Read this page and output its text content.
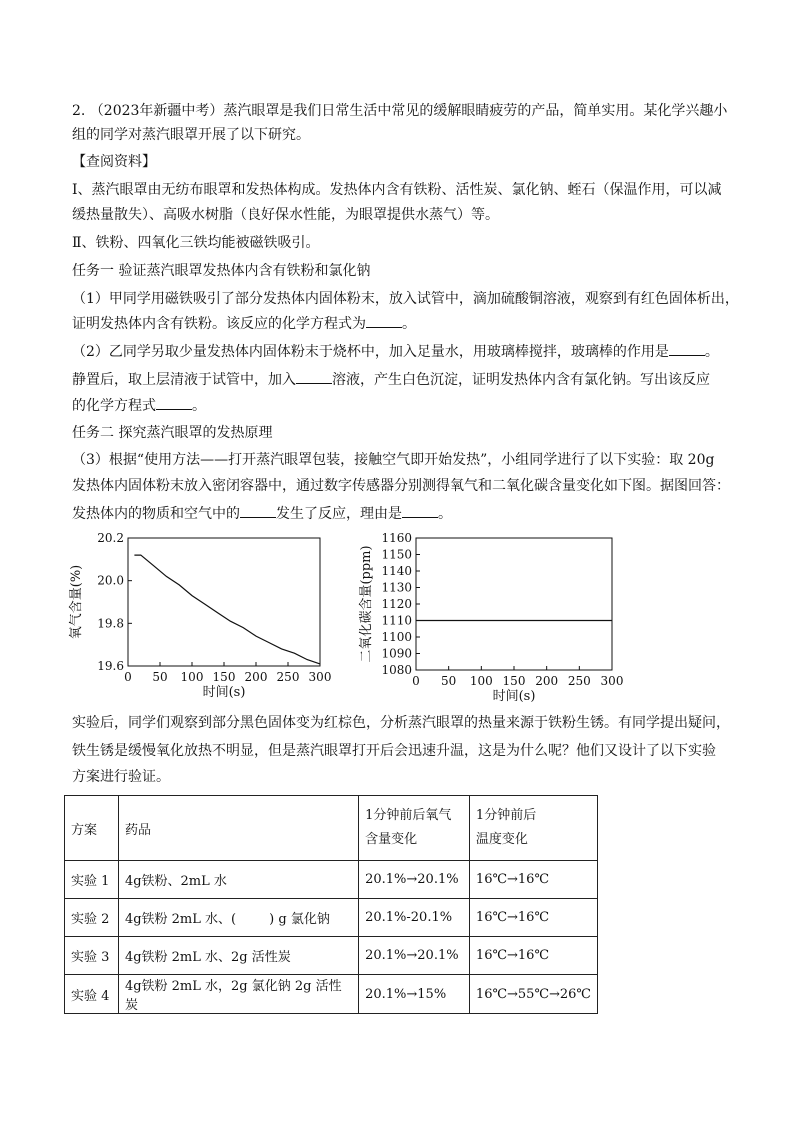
2. （2023年新疆中考）蒸汽眼罩是我们日常生活中常见的缓解眼睛疲劳的产品，简单实用。某化学兴趣小
组的同学对蒸汽眼罩开展了以下研究。
【查阅资料】
I、蒸汽眼罩由无纺布眼罩和发热体构成。发热体内含有铁粉、活性炭、氯化钠、蛭石（保温作用，可以减
缓热量散失）、高吸水树脂（良好保水性能，为眼罩提供水蒸气）等。
Ⅱ、铁粉、四氧化三铁均能被磁铁吸引。
任务一 验证蒸汽眼罩发热体内含有铁粉和氯化钠
（1）甲同学用磁铁吸引了部分发热体内固体粉末，放入试管中，滴加硫酸铜溶液，观察到有红色固体析出，
证明发热体内含有铁粉。该反应的化学方程式为	。
（2）乙同学另取少量发热体内固体粉末于烧杯中，加入足量水，用玻璃棒搅拌，玻璃棒的作用是	。
静置后，取上层清液于试管中，加入	溶液，产生白色沉淀，证明发热体内含有氯化钠。写出该反应
的化学方程式	。
任务二 探究蒸汽眼罩的发热原理
（3）根据“使用方法——打开蒸汽眼罩包装，接触空气即开始发热”，小组同学进行了以下实验：取 20g
发热体内固体粉末放入密闭容器中，通过数字传感器分别测得氧气和二氧化碳含量变化如下图。据图回答：
发热体内的物质和空气中的	发生了反应，理由是	。
0 50 100 150 200 250 300
19.6
19.8
20.0
20.2
时间(s)
氧气含量(%)
0 50 100 150 200 250 300
1080
1090
1100
1110
1120
1130
1140
1150
1160
时间(s)
二氧化碳含量(ppm)
实验后，同学们观察到部分黑色固体变为红棕色，分析蒸汽眼罩的热量来源于铁粉生锈。有同学提出疑问，
铁生锈是缓慢氧化放热不明显，但是蒸汽眼罩打开后会迅速升温，这是为什么呢？他们又设计了以下实验
方案进行验证。
方案	药品	1分钟前后氧气
含量变化	1分钟前后
温度变化
实验 1	4g铁粉、2mL 水	20.1%→20.1%	16℃→16℃
实验 2	4g铁粉 2mL 水、(        ) g 氯化钠	20.1%-20.1%	16℃→16℃
实验 3	4g铁粉 2mL 水、2g 活性炭	20.1%→20.1%	16℃→16℃
实验 4	4g铁粉 2mL 水，2g 氯化钠 2g 活性炭	20.1%→15%	16℃→55℃→26℃
